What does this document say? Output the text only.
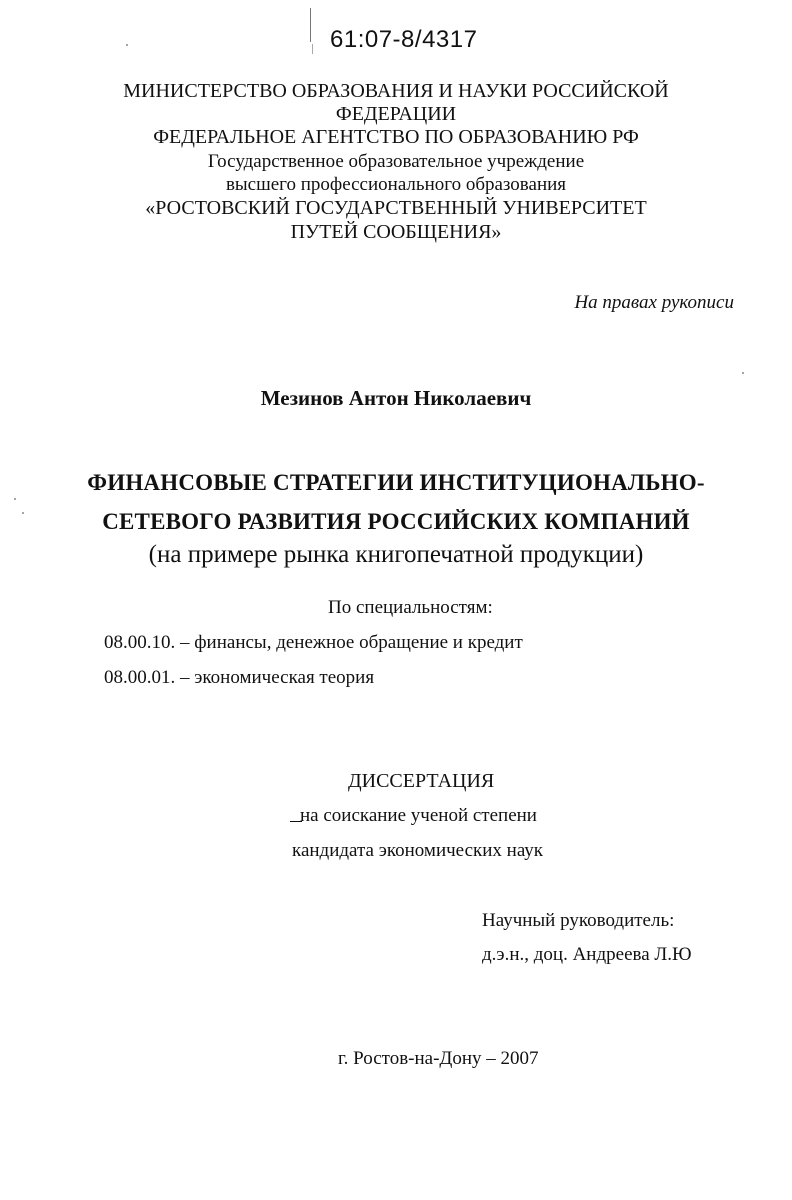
61:07-8/4317
МИНИСТЕРСТВО ОБРАЗОВАНИЯ И НАУКИ РОССИЙСКОЙ
ФЕДЕРАЦИИ
ФЕДЕРАЛЬНОЕ АГЕНТСТВО ПО ОБРАЗОВАНИЮ РФ
Государственное образовательное учреждение
высшего профессионального образования
«РОСТОВСКИЙ ГОСУДАРСТВЕННЫЙ УНИВЕРСИТЕТ
ПУТЕЙ СООБЩЕНИЯ»
На правах рукописи
Мезинов Антон Николаевич
ФИНАНСОВЫЕ СТРАТЕГИИ ИНСТИТУЦИОНАЛЬНО-
СЕТЕВОГО РАЗВИТИЯ РОССИЙСКИХ КОМПАНИЙ
(на примере рынка книгопечатной продукции)
По специальностям:
08.00.10. – финансы, денежное обращение и кредит
08.00.01. – экономическая теория
ДИССЕРТАЦИЯ
на соискание ученой степени
кандидата экономических наук
Научный руководитель:
д.э.н., доц. Андреева Л.Ю
г. Ростов-на-Дону – 2007
